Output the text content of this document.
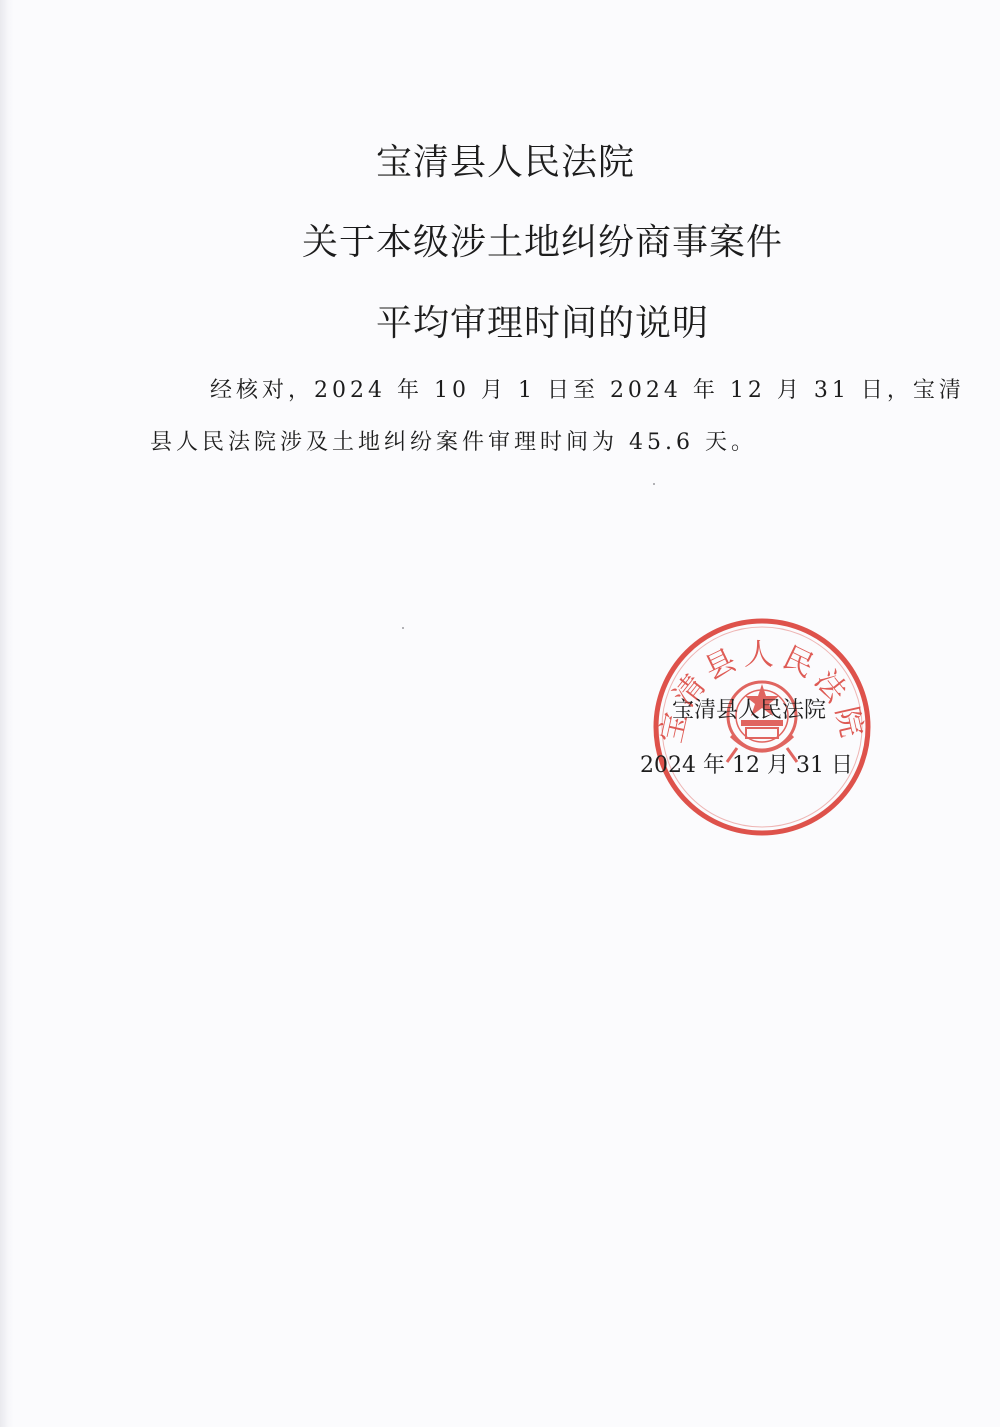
宝清县人民法院
关于本级涉土地纠纷商事案件
平均审理时间的说明

经核对，2024 年 10 月 1 日至 2024 年 12 月 31 日，宝清

县人民法院涉及土地纠纷案件审理时间为 45.6 天。

宝清县人民法院
宝清县人民法院
2024 年 12 月 31 日
